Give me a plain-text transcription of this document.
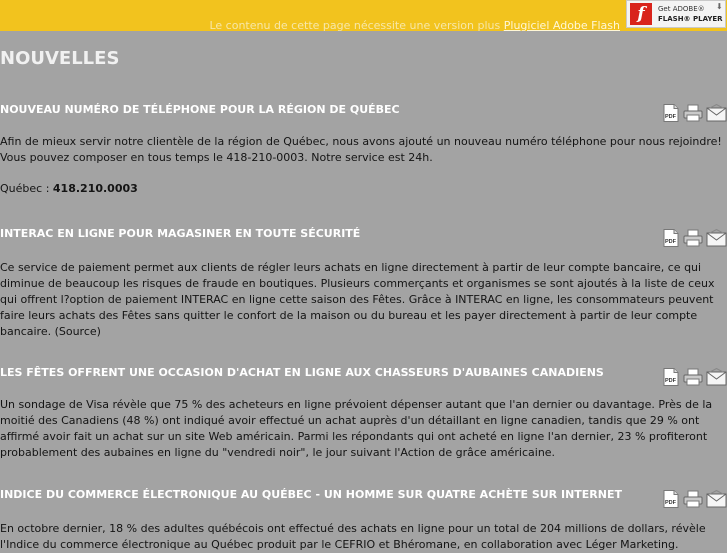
Le contenu de cette page nécessite une version plus Plugiciel Adobe Flash
f	Get ADOBE®
FLASH® PLAYER
⬇
NOUVELLES
PDF
NOUVEAU NUMÉRO DE TÉLÉPHONE POUR LA RÉGION DE QUÉBEC

Afin de mieux servir notre clientèle de la région de Québec, nous avons ajouté un nouveau numéro téléphone pour nous rejoindre! Vous pouvez composer en tous temps le 418-210-0003. Notre service est 24h.

Québec : 418.210.0003
PDF
INTERAC EN LIGNE POUR MAGASINER EN TOUTE SÉCURITÉ

Ce service de paiement permet aux clients de régler leurs achats en ligne directement à partir de leur compte bancaire, ce qui diminue de beaucoup les risques de fraude en boutiques. Plusieurs commerçants et organismes se sont ajoutés à la liste de ceux qui offrent l?option de paiement INTERAC en ligne cette saison des Fêtes. Grâce à INTERAC en ligne, les consommateurs peuvent faire leurs achats des Fêtes sans quitter le confort de la maison ou du bureau et les payer directement à partir de leur compte bancaire. (Source)

PDF
LES FÊTES OFFRENT UNE OCCASION D'ACHAT EN LIGNE AUX CHASSEURS D'AUBAINES CANADIENS

Un sondage de Visa révèle que 75 % des acheteurs en ligne prévoient dépenser autant que l'an dernier ou davantage. Près de la moitié des Canadiens (48 %) ont indiqué avoir effectué un achat auprès d'un détaillant en ligne canadien, tandis que 29 % ont affirmé avoir fait un achat sur un site Web américain. Parmi les répondants qui ont acheté en ligne l'an dernier, 23 % profiteront probablement des aubaines en ligne du "vendredi noir", le jour suivant l'Action de grâce américaine.

PDF
INDICE DU COMMERCE ÉLECTRONIQUE AU QUÉBEC - UN HOMME SUR QUATRE ACHÈTE SUR INTERNET

En octobre dernier, 18 % des adultes québécois ont effectué des achats en ligne pour un total de 204 millions de dollars, révèle l'Indice du commerce électronique au Québec produit par le CEFRIO et Bhéromane, en collaboration avec Léger Marketing.
